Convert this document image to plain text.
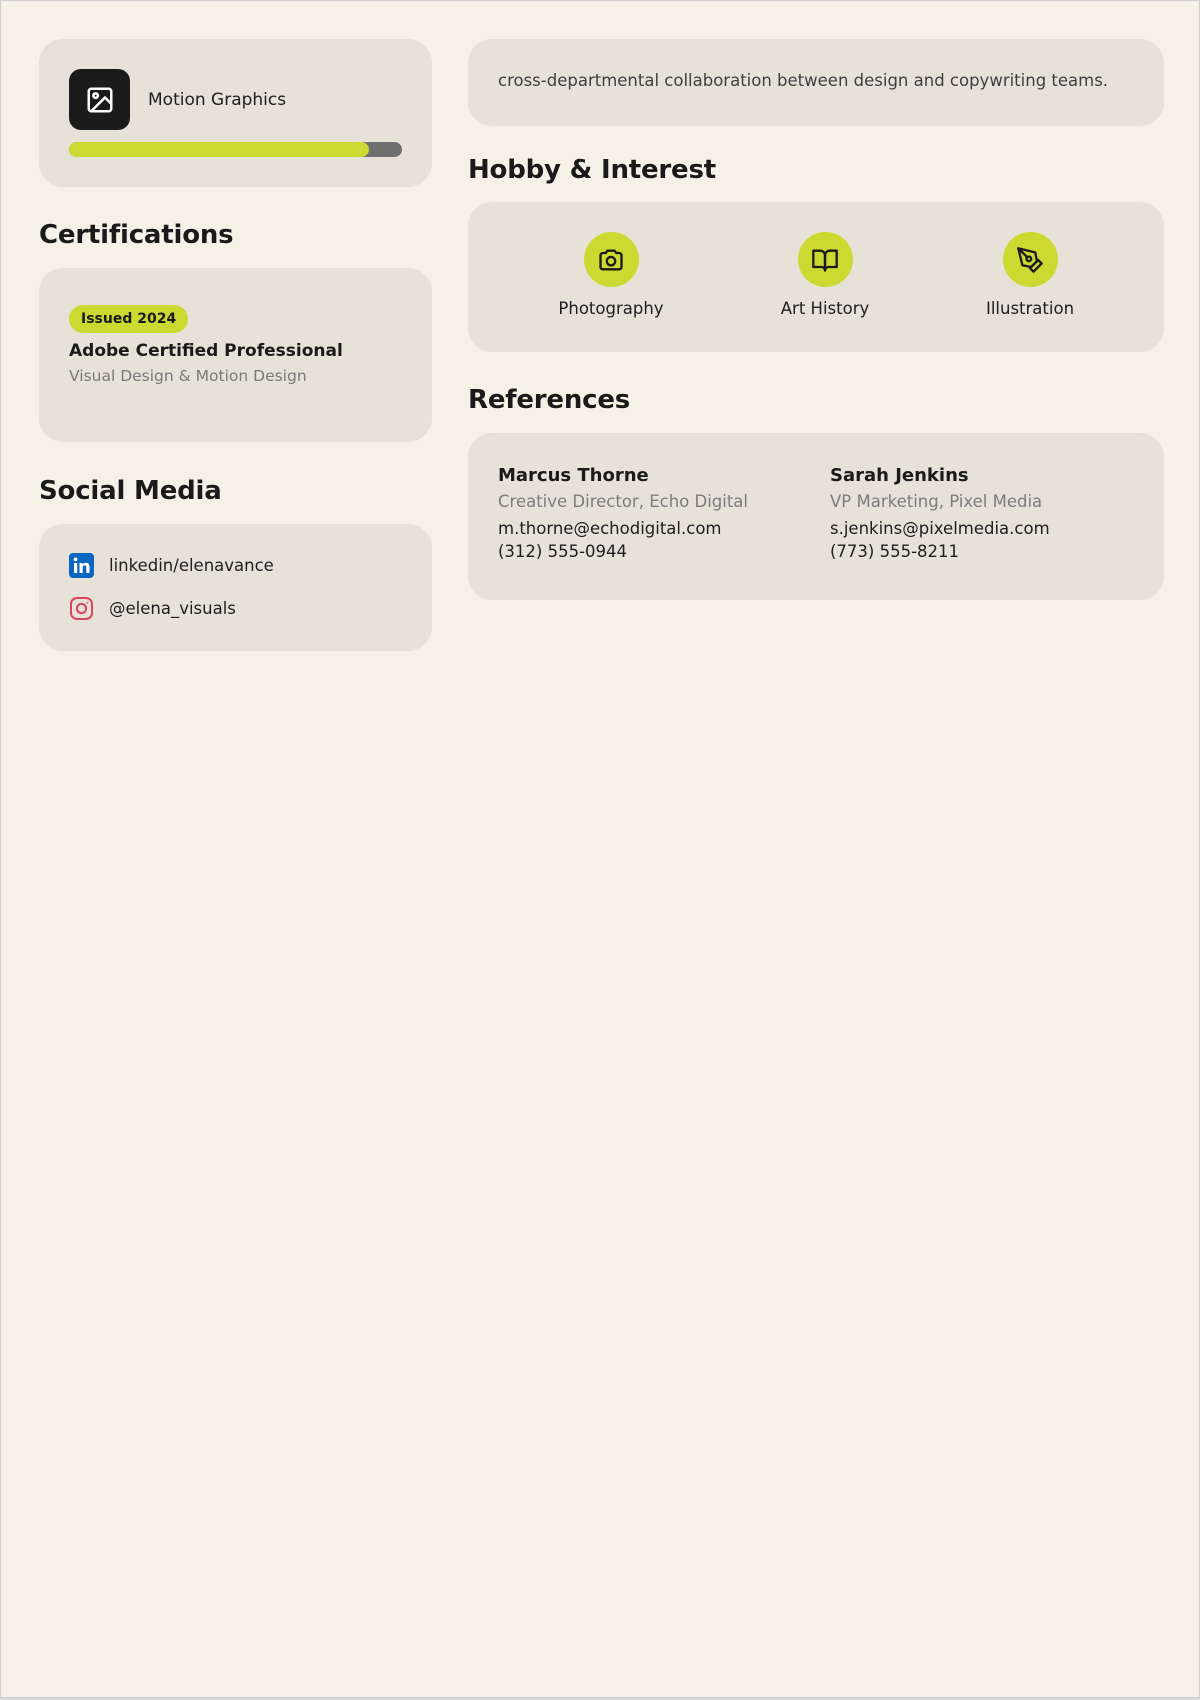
Motion Graphics
Certifications
Issued 2024
Adobe Certified Professional
Visual Design & Motion Design
Social Media
linkedin/elenavance
@elena_visuals

cross-departmental collaboration between design and copywriting teams.

Hobby & Interest
Photography	Art History	Illustration
References
Marcus Thorne
Creative Director, Echo Digital
m.thorne@echodigital.com
(312) 555-0944
Sarah Jenkins
VP Marketing, Pixel Media
s.jenkins@pixelmedia.com
(773) 555-8211
